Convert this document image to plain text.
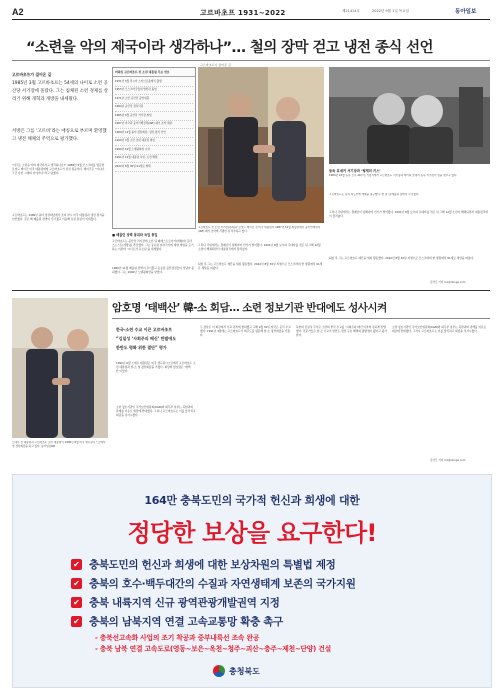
A2	고르바초프 1931~2022	제21414호	2022년 9월 1일 목요일	동아일보
“소련을 악의 제국이라 생각하나”… 철의 장막 걷고 냉전 종식 선언
고르바초프가 걸어온 길
고르바초프가 걸어온 길
1985년 3월 고르바초프는 54세의 나이로 소련 공산당 서기장에 올랐다. 그는 침체된 소련 경제를 살리기 위해 개혁과 개방을 내세웠다.
서방은 그를 ‘고르비’라는 애칭으로 부르며 환영했고 냉전 해체의 주역으로 평가했다.
“아직도 소련을 악의 제국이라고 생각하나요?” 1988년 5월 모스크바를 방문한 로널드 레이건 미국 대통령에게 고르바초프가 던진 질문이다. 레이건은 “아니다. 그건 다른 시대의 이야기다”라고 답했다.
고르바초프는 1989년 몰타 정상회담에서 조지 부시 미국 대통령과 냉전 종식을 선언했다. 같은 해 베를린 장벽이 무너졌고 이듬해 독일 통일이 이뤄졌다.
미하일 고르바초프 전 소련 대통령 주요 연보
1931년 3월 러시아 스타브로폴에서 출생
1955년 모스크바국립대 법학과 졸업
1971년 소련 공산당 중앙위원
1980년 공산당 정치국원
1985년 3월 공산당 서기장 취임
1987년 미국과 중거리핵전력(INF) 폐기 조약 체결
1989년 12월 몰타 정상회담, 냉전 종식 선언
1990년 3월 소련 초대 대통령 취임
1990년 10월 노벨평화상 수상
1991년 12월 대통령 사임, 소련 해체
2022년 8월 30일 91세로 별세
고르바초프 전 소련 서기장(왼쪽)과 로널드 레이건 전 미국 대통령이 1987년 12월 워싱턴에서 중거리핵전력(INF) 폐기 조약에 서명한 뒤 악수하고 있다.
동독 호네커 서기장과 ‘형제의 키스’
1989년 10월 동독 건국 40주년 기념식에서 고르바초프 서기장과 에리히 호네커 동독 서기장이 입을 맞추고 있다.
고르바초프는 동독 지도부에 개혁을 촉구했다. 한 달 뒤 베를린 장벽이 무너졌다.
■ 베를린 장벽 붕괴와 독일 통일
고르바초프는 공산당 서기장에 오른 뒤 페레스트로이카(개혁)와 글라스노스트(개방)를 추진했다. 그는 동유럽 위성국가에 대한 개입을 포기하는 이른바 ‘시나트라 독트린’을 내세웠다.
1989년 11월 베를린 장벽이 무너졌고 동유럽 공산정권들이 잇달아 붕괴했다. 그는 1990년 노벨평화상을 받았다.
그러나 국내에서는 경제난이 심해지며 인기가 떨어졌다. 1991년 8월 보수파 쿠데타를 겪은 뒤 그해 12월 소련이 해체되면서 대통령직에서 물러났다.
퇴임 후 그는 고르바초프 재단을 세워 활동했다. 2022년 8월 30일 지병으로 모스크바의 한 병원에서 91세로 세상을 떠났다.
그러나 국내에서는 경제난이 심해지며 인기가 떨어졌다. 1991년 8월 보수파 쿠데타를 겪은 뒤 그해 12월 소련이 해체되면서 대통령직에서 물러났다.
퇴임 후 그는 고르바초프 재단을 세워 활동했다. 2022년 8월 30일 지병으로 모스크바의 한 병원에서 91세로 세상을 떠났다.
김성모 기자 mo@donga.com
노태우 전 대통령과 고르바초프 소련 대통령이 1990년 6월 미국 샌프란시스코에서 첫 정상회담을 하고 있다. 동아일보DB
암호명 ‘태백산’ 韓-소 회담… 소련 정보기관 반대에도 성사시켜
한국-소련 수교 이끈 고르바초프
“김일성 ‘사회주의 배신’ 반발에도
한반도 평화 위한 결단” 평가
1990년 6월 노태우 대통령은 미국 샌프란시스코에서 고르바초프 소련 대통령과 한-소 첫 정상회담을 가졌다. 회담의 암호명은 ‘태백산’이었다.
소련 정보기관인 국가보안위원회(KGB)와 외무부 일부는 북한과의 관계를 이유로 회담에 반대했다. 그러나 고르바초프는 이를 물리치고 회담을 성사시켰다.
두 정상은 이 회담에서 수교 원칙에 합의했고 그해 9월 30일 양국은 공식 수교했다. 1991년 4월에는 고르바초프가 제주도를 방문해 한-소 정상회담을 가졌다.
북한의 김일성 주석은 소련의 한국 수교를 ‘사회주의 배신’이라며 강하게 반발했다. 전문가들은 한-소 수교가 한반도 냉전 구조 해체의 출발점이 됐다고 평가한다.
소련 정보기관인 국가보안위원회(KGB)와 외무부 일부는 북한과의 관계를 이유로 회담에 반대했다. 그러나 고르바초프는 이를 물리치고 회담을 성사시켰다.
김성모 기자 mo@donga.com
164만 충북도민의 국가적 헌신과 희생에 대한
정당한 보상을 요구한다!
✔ 충북도민의 헌신과 희생에 대한 보상차원의 특별법 제정
✔ 충북의 호수·백두대간의 수질과 자연생태계 보존의 국가지원
✔ 충북 내륙지역 신규 광역관광개발권역 지정
✔ 충북의 남북지역 연결 고속교통망 확충 촉구
- 충북선고속화 사업의 조기 착공과 중부내륙선 조속 완공
- 충북 남북 연결 고속도로(영동~보은~옥천~청주~괴산~충주~제천~단양) 건설
충청북도
